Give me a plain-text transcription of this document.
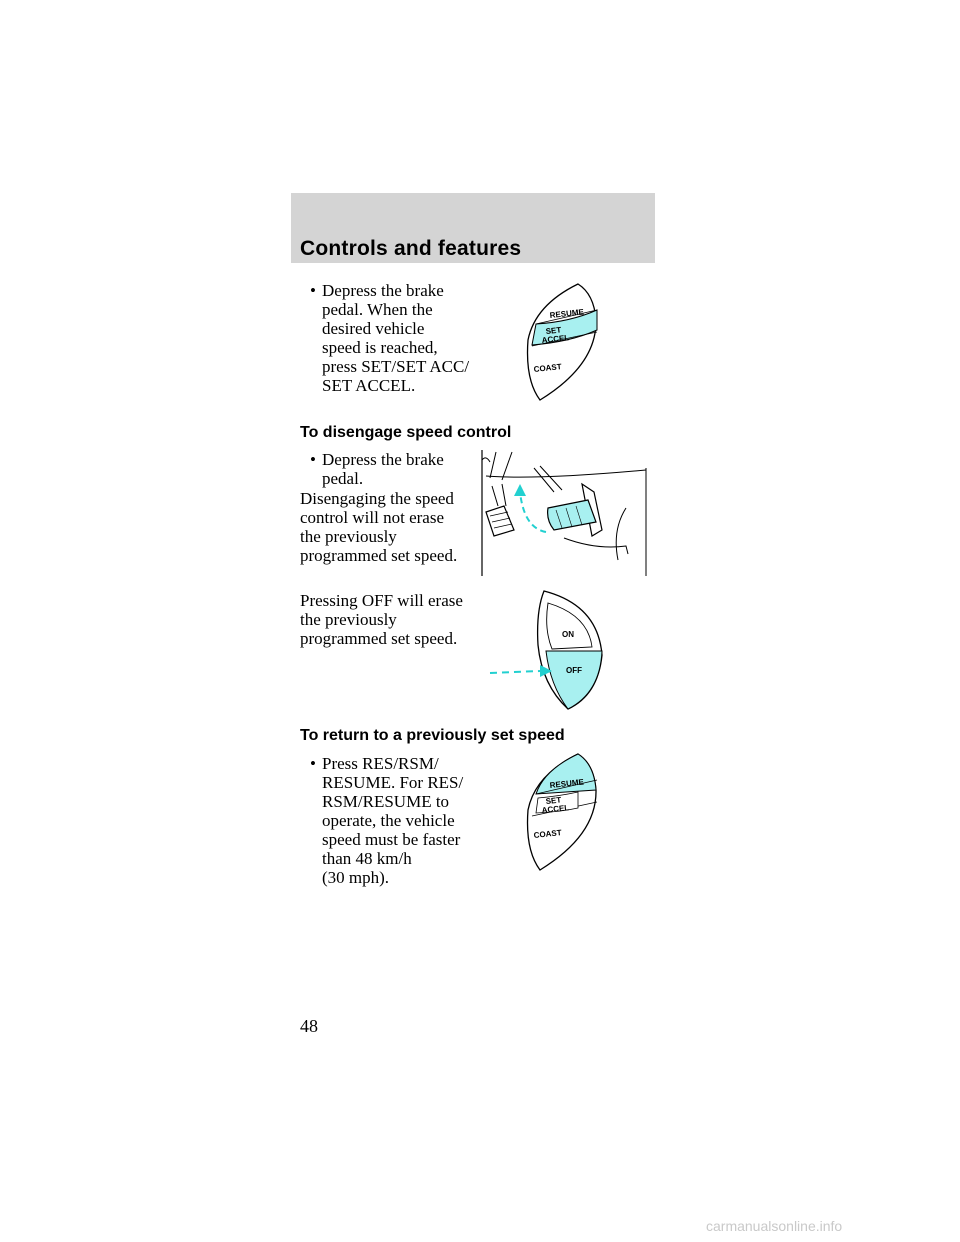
Controls and features
• Depress the brake
pedal. When the
desired vehicle
speed is reached,
press SET/SET ACC/
SET ACCEL.
RESUME
SET
ACCEL
COAST
To disengage speed control
• Depress the brake
pedal.
Disengaging the speed
control will not erase
the previously
programmed set speed.
Pressing OFF will erase
the previously
programmed set speed.	ON
OFF
To return to a previously set speed
• Press RES/RSM/
RESUME. For RES/
RSM/RESUME to
operate, the vehicle
speed must be faster
than 48 km/h
(30 mph).
RESUME
SET
ACCEL
COAST
48
carmanualsonline.info
